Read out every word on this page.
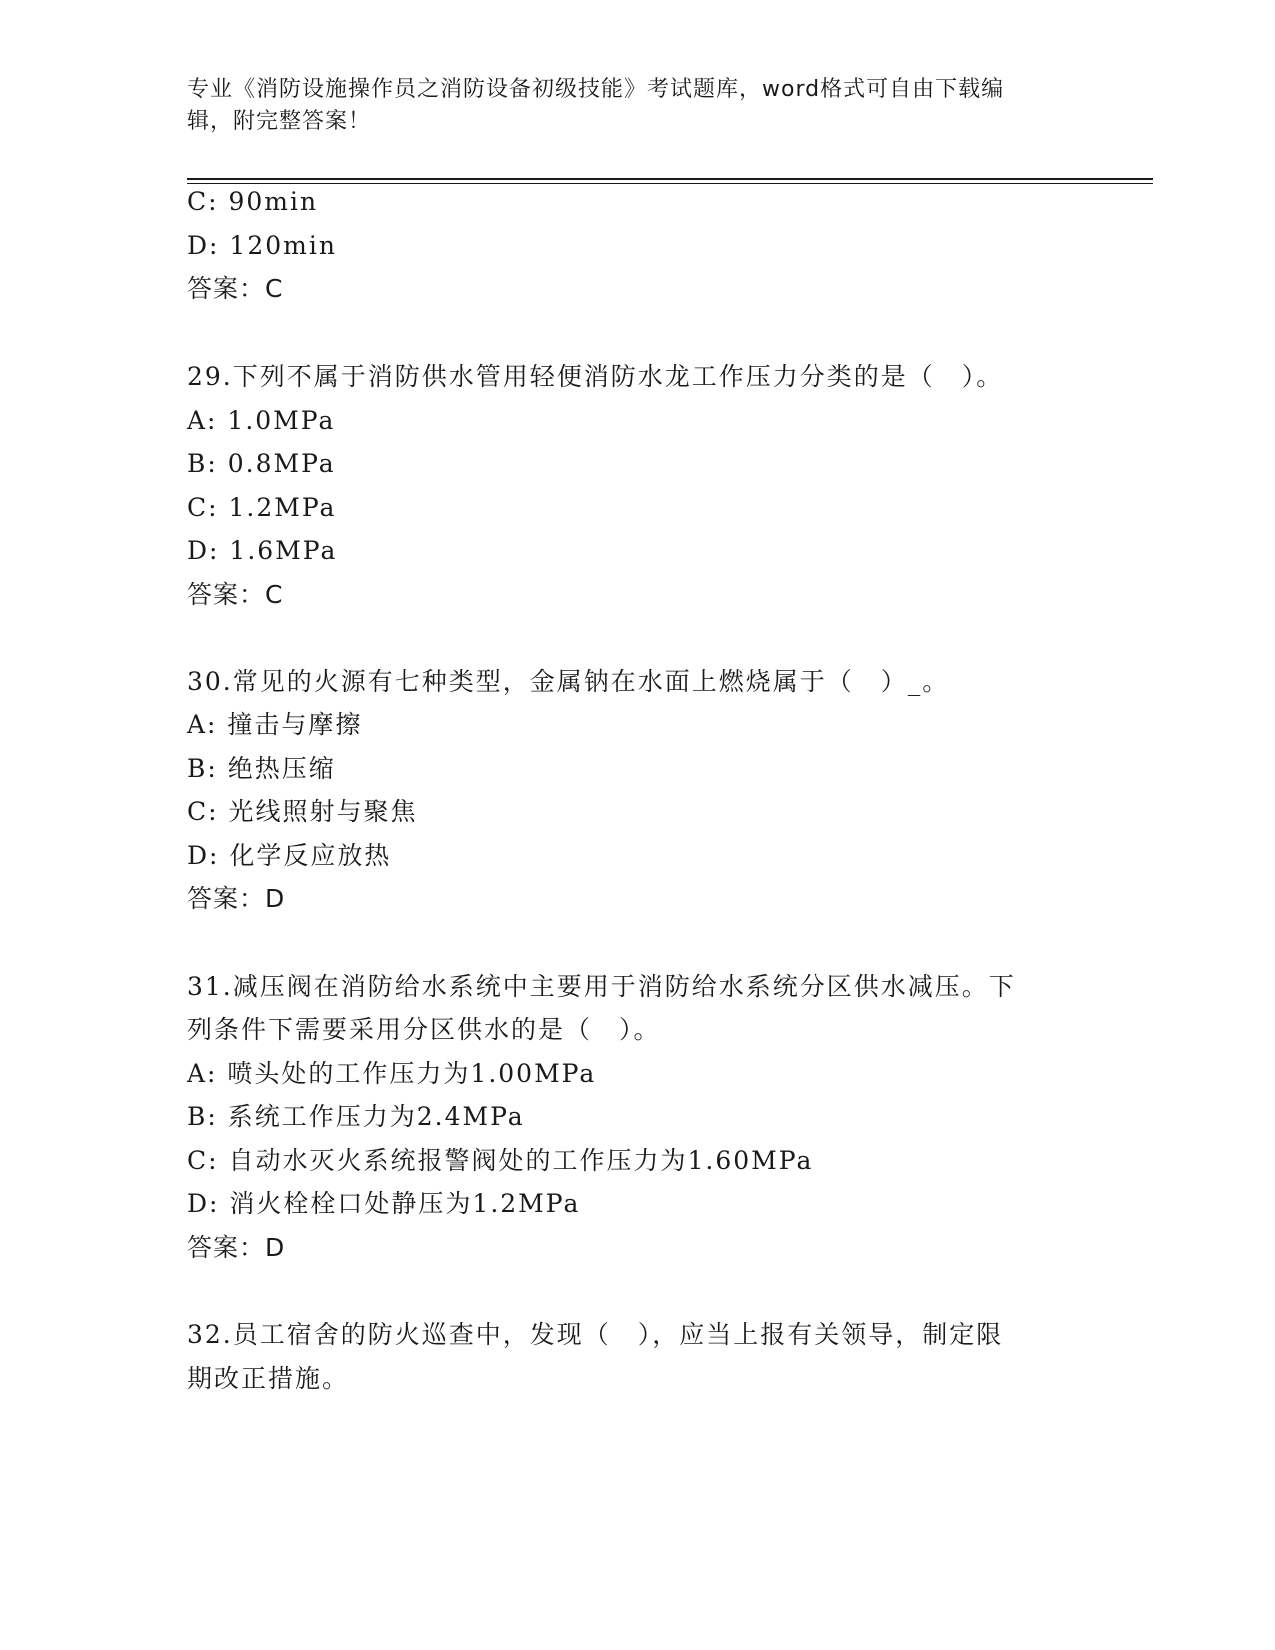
专业《消防设施操作员之消防设备初级技能》考试题库，word格式可自由下载编
辑，附完整答案！
C: 90min
D: 120min
答案：C
29.下列不属于消防供水管用轻便消防水龙工作压力分类的是（　）。
A: 1.0MPa
B: 0.8MPa
C: 1.2MPa
D: 1.6MPa
答案：C
30.常见的火源有七种类型，金属钠在水面上燃烧属于（　）_。
A: 撞击与摩擦
B: 绝热压缩
C: 光线照射与聚焦
D: 化学反应放热
答案：D
31.减压阀在消防给水系统中主要用于消防给水系统分区供水减压。下
列条件下需要采用分区供水的是（　）。
A: 喷头处的工作压力为1.00MPa
B: 系统工作压力为2.4MPa
C: 自动水灭火系统报警阀处的工作压力为1.60MPa
D: 消火栓栓口处静压为1.2MPa
答案：D
32.员工宿舍的防火巡查中，发现（　），应当上报有关领导，制定限
期改正措施。
